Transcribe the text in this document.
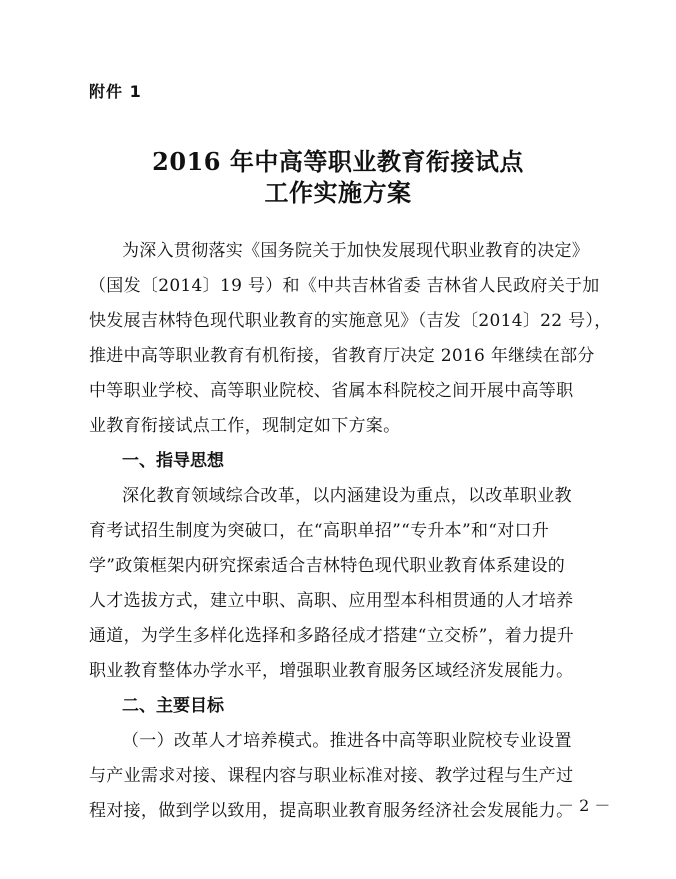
附件 1
2016 年中高等职业教育衔接试点
工作实施方案
为深入贯彻落实《国务院关于加快发展现代职业教育的决定》
（国发〔2014〕19 号）和《中共吉林省委 吉林省人民政府关于加
快发展吉林特色现代职业教育的实施意见》（吉发〔2014〕22 号），
推进中高等职业教育有机衔接，省教育厅决定 2016 年继续在部分
中等职业学校、高等职业院校、省属本科院校之间开展中高等职
业教育衔接试点工作，现制定如下方案。
一、指导思想
深化教育领域综合改革，以内涵建设为重点，以改革职业教
育考试招生制度为突破口，在“高职单招”“专升本”和“对口升
学”政策框架内研究探索适合吉林特色现代职业教育体系建设的
人才选拔方式，建立中职、高职、应用型本科相贯通的人才培养
通道，为学生多样化选择和多路径成才搭建“立交桥”，着力提升
职业教育整体办学水平，增强职业教育服务区域经济发展能力。
二、主要目标
（一）改革人才培养模式。推进各中高等职业院校专业设置
与产业需求对接、课程内容与职业标准对接、教学过程与生产过
程对接，做到学以致用，提高职业教育服务经济社会发展能力。
－ 2 －
